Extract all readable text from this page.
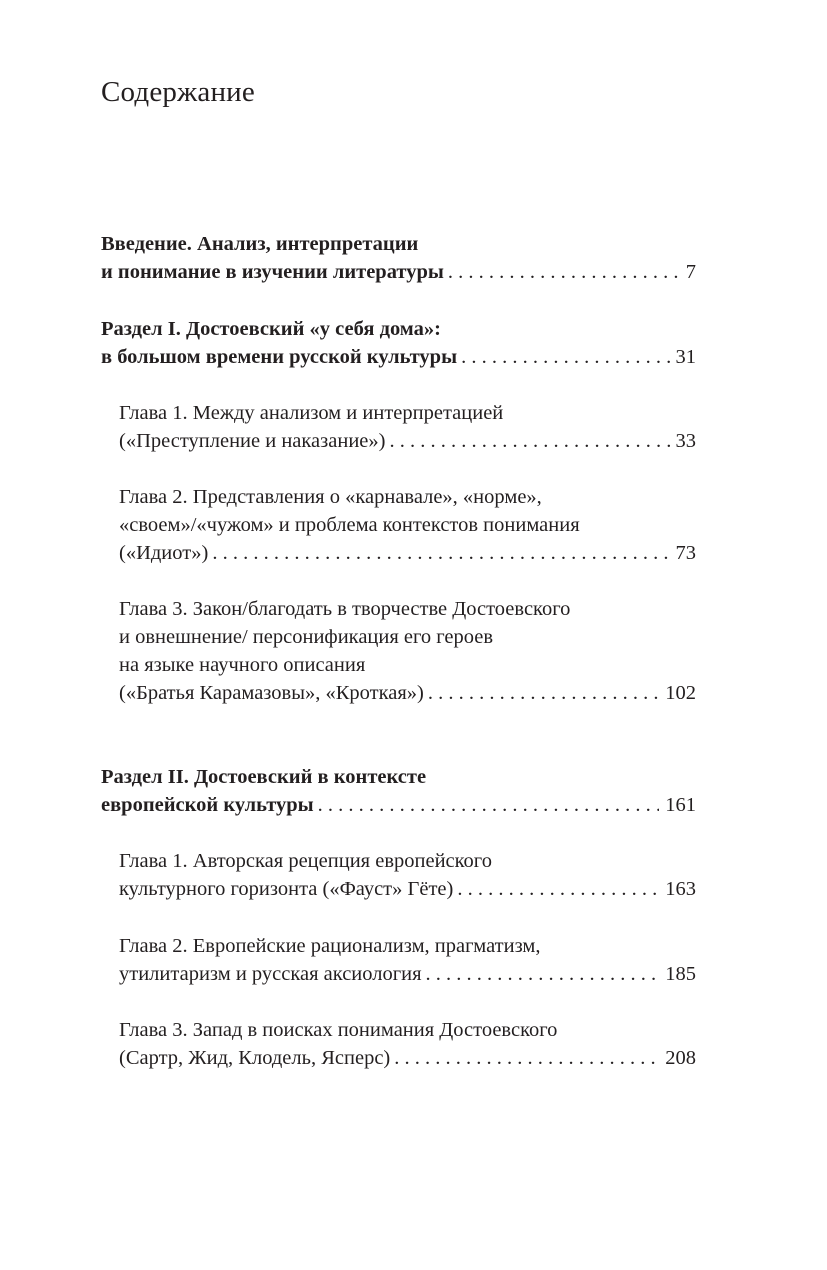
Содержание
Введение. Анализ, интерпретации
и понимание в изучении литературы . . .	7
Раздел I. Достоевский «у себя дома»:
в большом времени русской культуры . . .	31
Глава 1. Между анализом и интерпретацией
(«Преступление и наказание») . . .	33
Глава 2. Представления о «карнавале», «норме»,
«своем»/«чужом» и проблема контекстов понимания
(«Идиот») . . .	73
Глава 3. Закон/благодать в творчестве Достоевского
и овнешнение/ персонификация его героев
на языке научного описания
(«Братья Карамазовы», «Кроткая») . . .	102
Раздел II. Достоевский в контексте
европейской культуры . . .	161
Глава 1. Авторская рецепция европейского
культурного горизонта («Фауст» Гёте) . . .	163
Глава 2. Европейские рационализм, прагматизм,
утилитаризм и русская аксиология . . .	185
Глава 3. Запад в поисках понимания Достоевского
(Сартр, Жид, Клодель, Ясперс) . . .	208
